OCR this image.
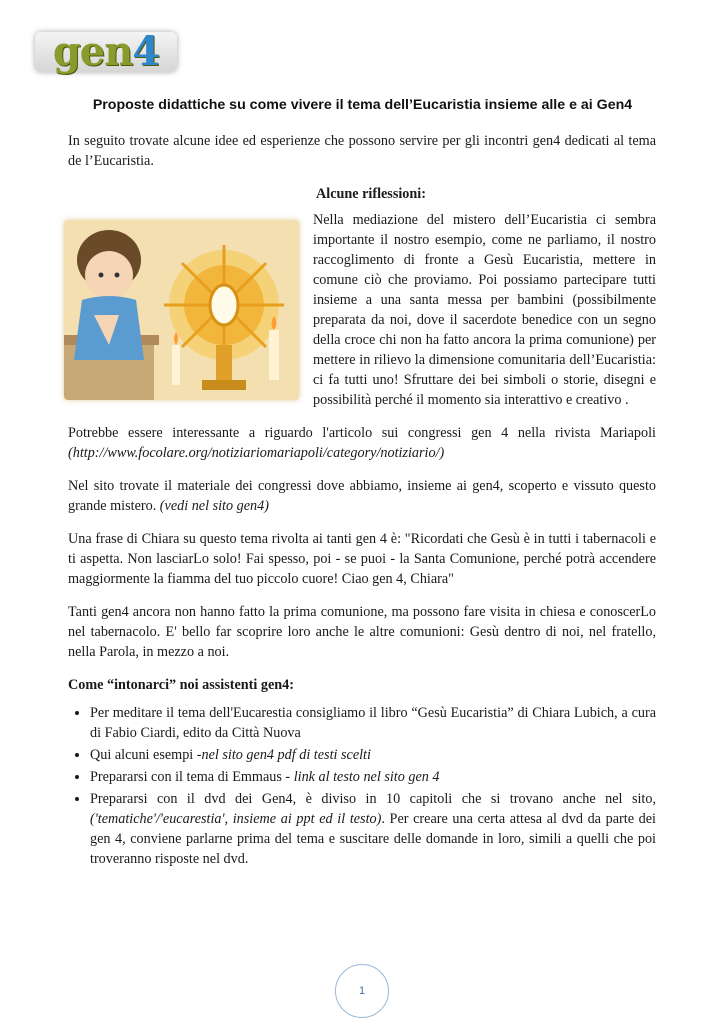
gen4
Proposte didattiche su come vivere il tema dell’Eucaristia insieme alle e ai Gen4

In seguito trovate alcune idee ed esperienze che possono servire per gli incontri gen4 dedicati al tema de l’Eucaristia.

Alcune riflessioni:

Nella mediazione del mistero dell’Eucaristia ci sembra importante il nostro esempio, come ne parliamo, il nostro raccoglimento di fronte a Gesù Eucaristia, mettere in comune ciò che proviamo. Poi possiamo partecipare tutti insieme a una santa messa per bambini (possibilmente preparata da noi, dove il sacerdote benedice con un segno della croce chi non ha fatto ancora la prima comunione) per mettere in rilievo la dimensione comunitaria dell’Eucaristia: ci fa tutti uno! Sfruttare dei bei simboli o storie, disegni e possibilità perché il momento sia interattivo e creativo .

Potrebbe essere interessante a riguardo l'articolo sui congressi gen 4 nella rivista Mariapoli (http://www.focolare.org/notiziariomariapoli/category/notiziario/)

Nel sito trovate il materiale dei congressi dove abbiamo, insieme ai gen4, scoperto e vissuto questo grande mistero. (vedi nel sito gen4)

Una frase di Chiara su questo tema rivolta ai tanti gen 4 è: "Ricordati che Gesù è in tutti i tabernacoli e ti aspetta. Non lasciarLo solo! Fai spesso, poi - se puoi - la Santa Comunione, perché potrà accendere maggiormente la fiamma del tuo piccolo cuore! Ciao gen 4, Chiara"

Tanti gen4 ancora non hanno fatto la prima comunione, ma possono fare visita in chiesa e conoscerLo nel tabernacolo. E' bello far scoprire loro anche le altre comunioni: Gesù dentro di noi, nel fratello, nella Parola, in mezzo a noi.

Come “intonarci” noi assistenti gen4:

• Per meditare il tema dell'Eucarestia consigliamo il libro “Gesù Eucaristia” di Chiara Lubich, a cura di Fabio Ciardi, edito da Città Nuova
• Qui alcuni esempi -nel sito gen4 pdf di testi scelti
• Prepararsi con il tema di Emmaus - link al testo nel sito gen 4
• Prepararsi con il dvd dei Gen4, è diviso in 10 capitoli che si trovano anche nel sito, ('tematiche'/'eucarestia', insieme ai ppt ed il testo). Per creare una certa attesa al dvd da parte dei gen 4, conviene parlarne prima del tema e suscitare delle domande in loro, simili a quelli che poi troveranno risposte nel dvd.
1
